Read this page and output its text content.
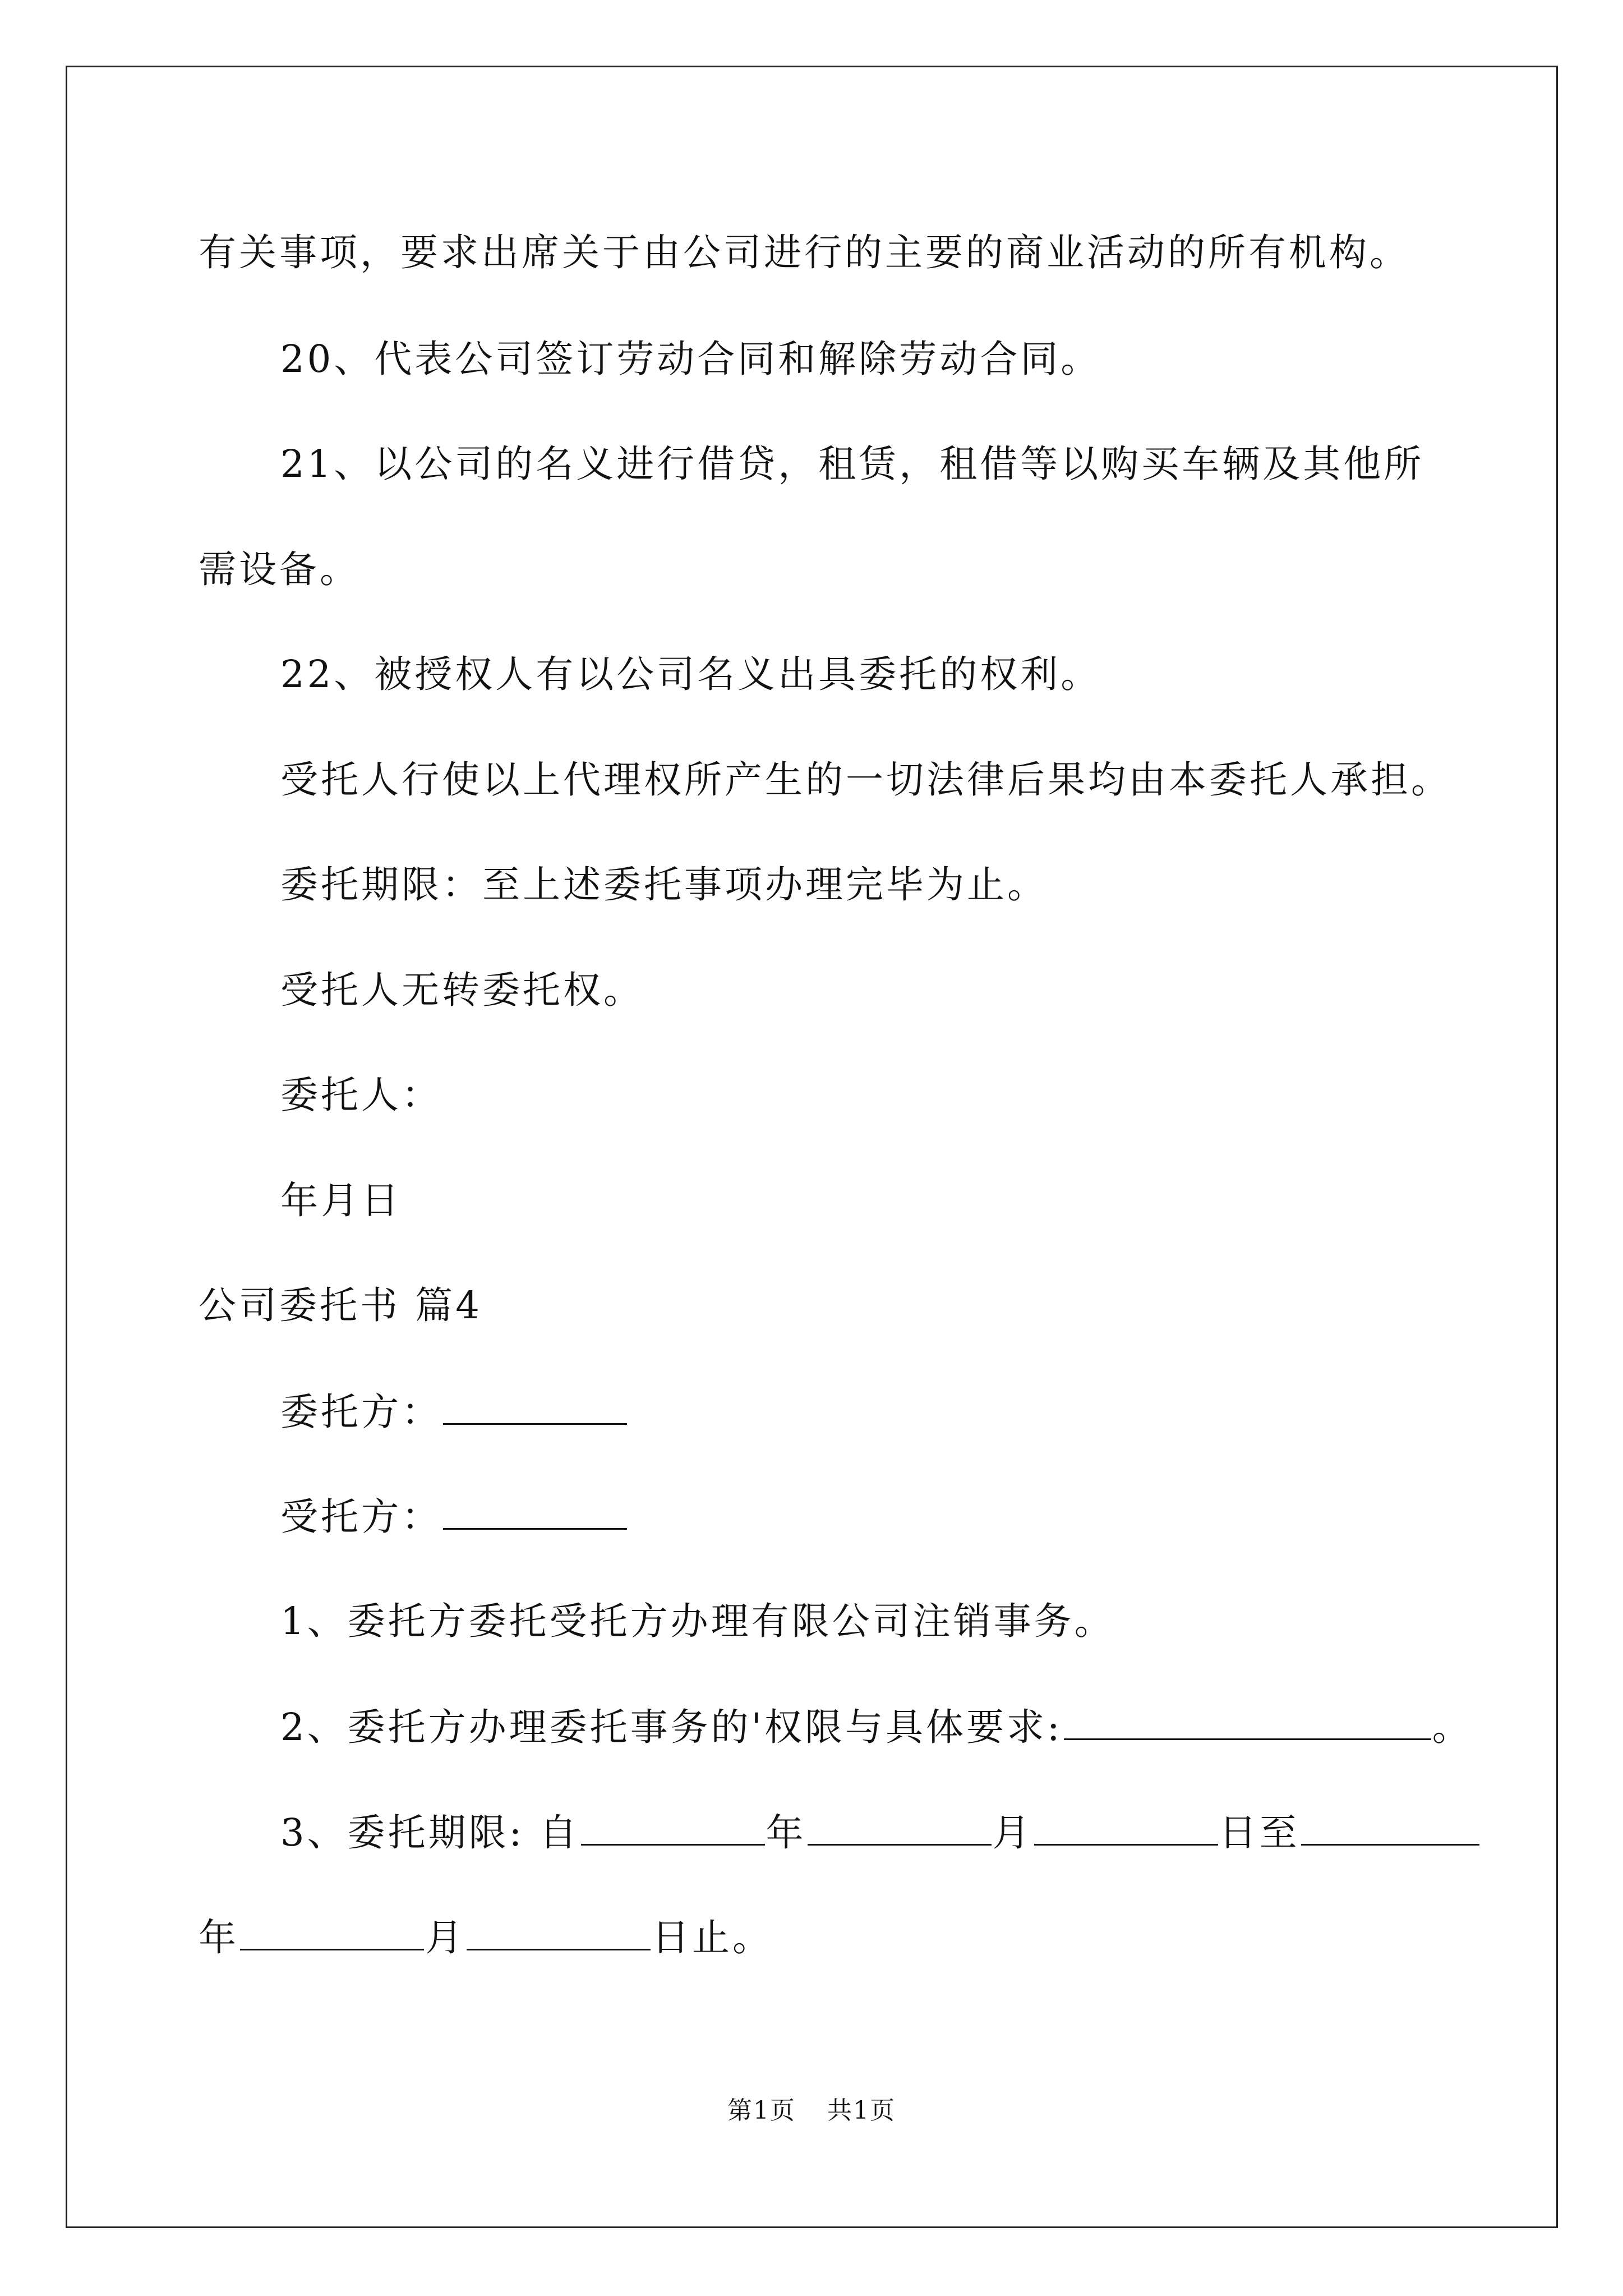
有关事项，要求出席关于由公司进行的主要的商业活动的所有机构。
20、代表公司签订劳动合同和解除劳动合同。
21、以公司的名义进行借贷，租赁，租借等以购买车辆及其他所
需设备。
22、被授权人有以公司名义出具委托的权利。
受托人行使以上代理权所产生的一切法律后果均由本委托人承担。
委托期限：至上述委托事项办理完毕为止。
受托人无转委托权。
委托人：
年月日
公司委托书 篇4
委托方：
受托方：
1、委托方委托受托方办理有限公司注销事务。
2、委托方办理委托事务的'权限与具体要求:	。
3、委托期限: 自	年	月	日至
年	月	日止。
第1页 共1页
